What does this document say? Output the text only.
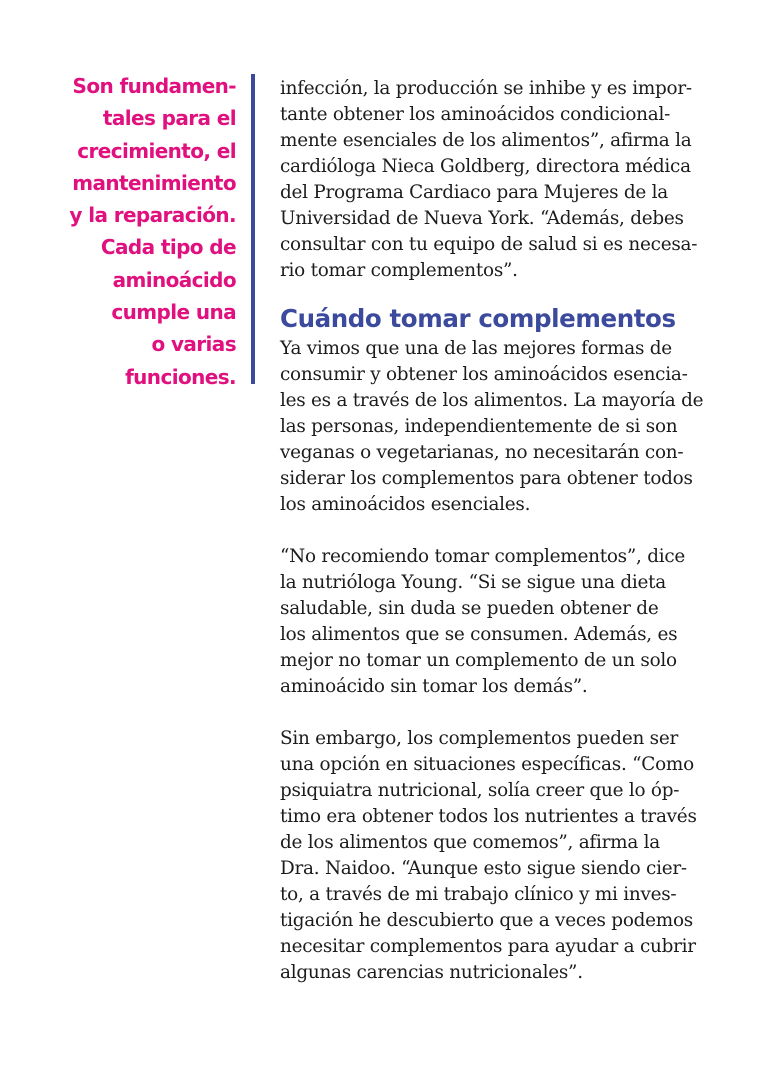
Son fundamen-
tales para el
crecimiento, el
mantenimiento
y la reparación.
Cada tipo de
aminoácido
cumple una
o varias
funciones.

infección, la producción se inhibe y es impor-
tante obtener los aminoácidos condicional-
mente esenciales de los alimentos”, afirma la
cardióloga Nieca Goldberg, directora médica
del Programa Cardiaco para Mujeres de la
Universidad de Nueva York. “Además, debes
consultar con tu equipo de salud si es necesa-
rio tomar complementos”.

Cuándo tomar complementos

Ya vimos que una de las mejores formas de
consumir y obtener los aminoácidos esencia-
les es a través de los alimentos. La mayoría de
las personas, independientemente de si son
veganas o vegetarianas, no necesitarán con-
siderar los complementos para obtener todos
los aminoácidos esenciales.

“No recomiendo tomar complementos”, dice
la nutrióloga Young. “Si se sigue una dieta
saludable, sin duda se pueden obtener de
los alimentos que se consumen. Además, es
mejor no tomar un complemento de un solo
aminoácido sin tomar los demás”.

Sin embargo, los complementos pueden ser
una opción en situaciones específicas. “Como
psiquiatra nutricional, solía creer que lo óp-
timo era obtener todos los nutrientes a través
de los alimentos que comemos”, afirma la
Dra. Naidoo. “Aunque esto sigue siendo cier-
to, a través de mi trabajo clínico y mi inves-
tigación he descubierto que a veces podemos
necesitar complementos para ayudar a cubrir
algunas carencias nutricionales”.
